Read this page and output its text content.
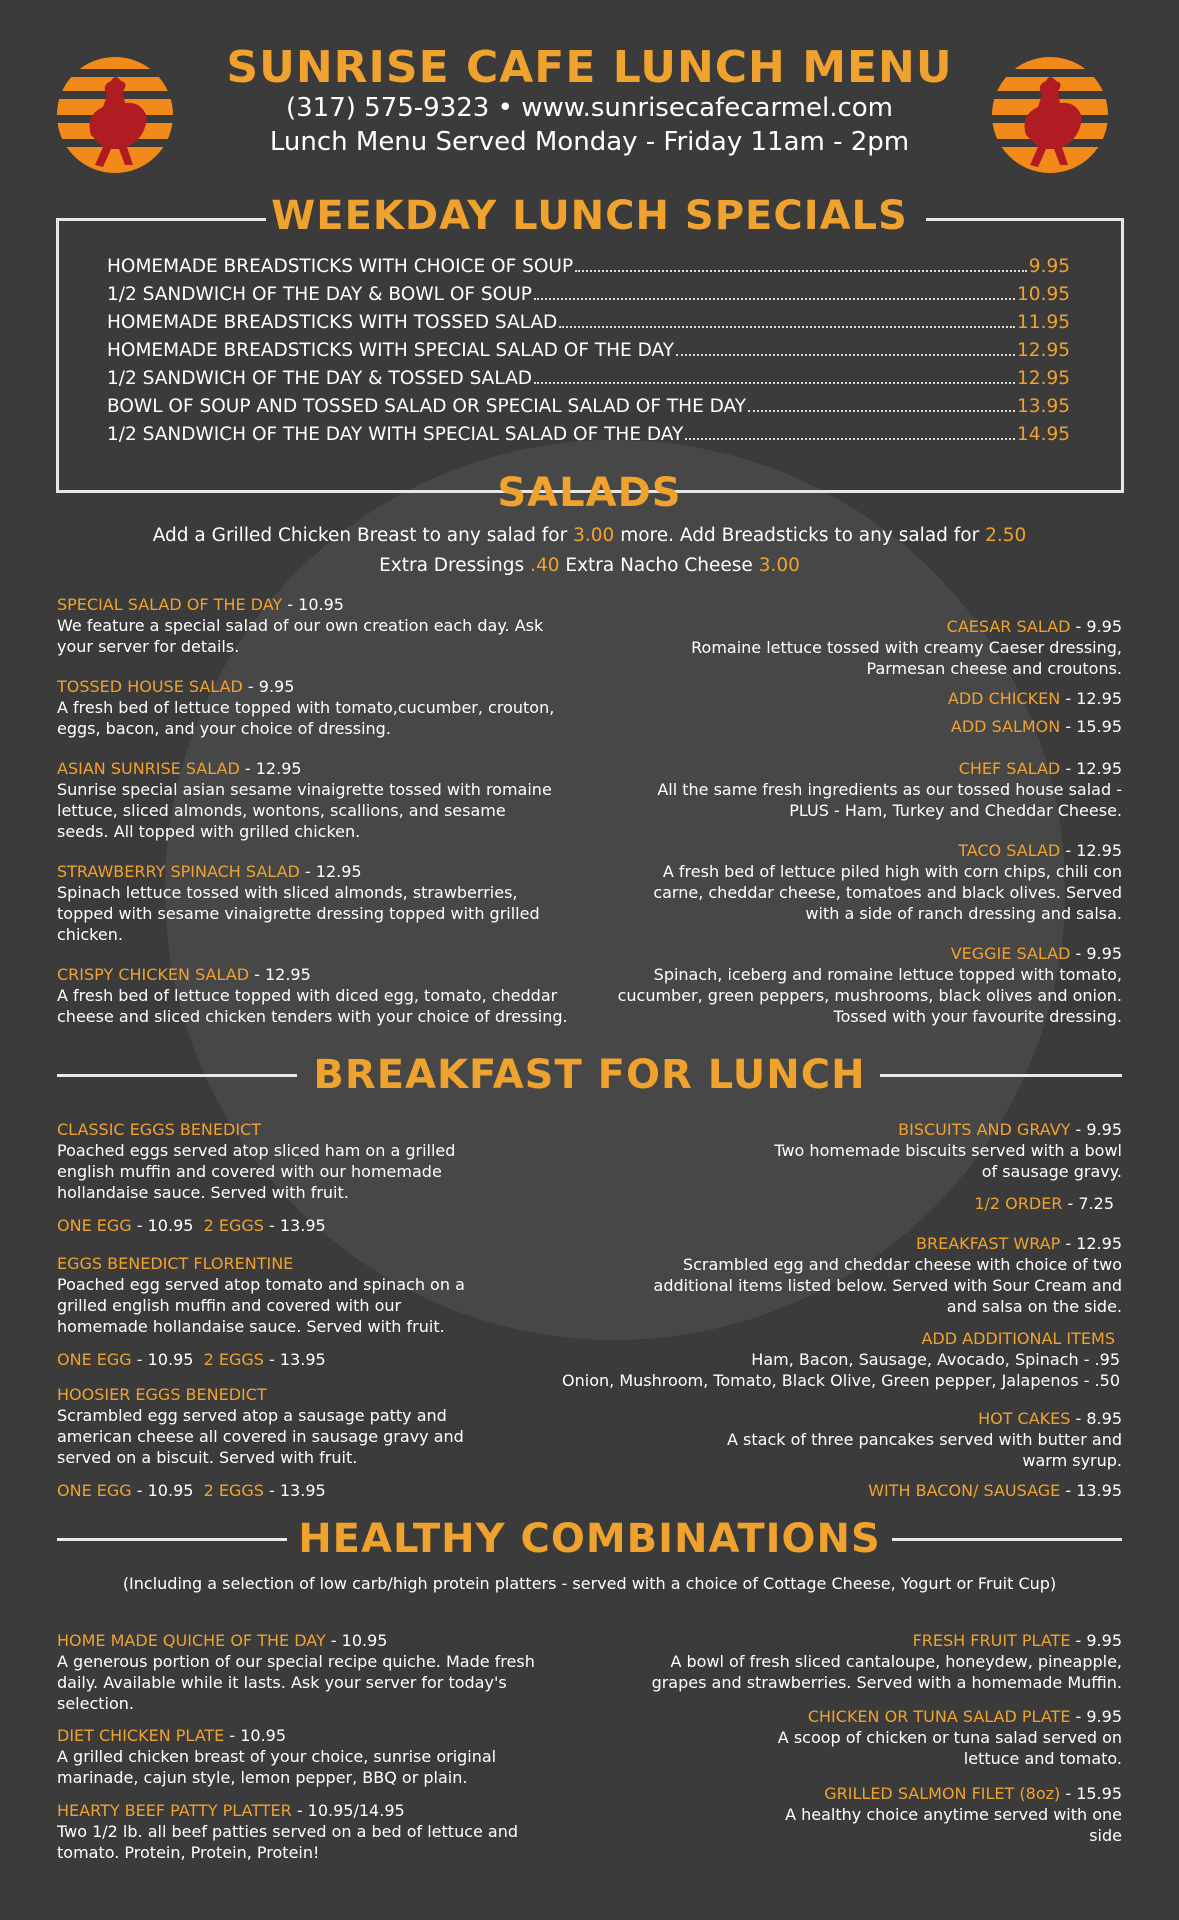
SUNRISE CAFE LUNCH MENU
(317) 575-9323 • www.sunrisecafecarmel.com
Lunch Menu Served Monday - Friday 11am - 2pm
WEEKDAY LUNCH SPECIALS
HOMEMADE BREADSTICKS WITH CHOICE OF SOUP	9.95
1/2 SANDWICH OF THE DAY & BOWL OF SOUP	10.95
HOMEMADE BREADSTICKS WITH TOSSED SALAD	11.95
HOMEMADE BREADSTICKS WITH SPECIAL SALAD OF THE DAY	12.95
1/2 SANDWICH OF THE DAY & TOSSED SALAD	12.95
BOWL OF SOUP AND TOSSED SALAD OR SPECIAL SALAD OF THE DAY	13.95
1/2 SANDWICH OF THE DAY WITH SPECIAL SALAD OF THE DAY	14.95
SALADS
Add a Grilled Chicken Breast to any salad for 3.00 more. Add Breadsticks to any salad for 2.50
Extra Dressings .40 Extra Nacho Cheese 3.00
SPECIAL SALAD OF THE DAY - 10.95
We feature a special salad of our own creation each day. Ask your server for details.
TOSSED HOUSE SALAD - 9.95
A fresh bed of lettuce topped with tomato,cucumber, crouton, eggs, bacon, and your choice of dressing.
ASIAN SUNRISE SALAD - 12.95
Sunrise special asian sesame vinaigrette tossed with romaine lettuce, sliced almonds, wontons, scallions, and sesame seeds. All topped with grilled chicken.
STRAWBERRY SPINACH SALAD - 12.95
Spinach lettuce tossed with sliced almonds, strawberries, topped with sesame vinaigrette dressing topped with grilled chicken.
CRISPY CHICKEN SALAD - 12.95
A fresh bed of lettuce topped with diced egg, tomato, cheddar cheese and sliced chicken tenders with your choice of dressing.
CAESAR SALAD - 9.95
Romaine lettuce tossed with creamy Caeser dressing, Parmesan cheese and croutons.
ADD CHICKEN - 12.95
ADD SALMON - 15.95
CHEF SALAD - 12.95
All the same fresh ingredients as our tossed house salad - PLUS - Ham, Turkey and Cheddar Cheese.
TACO SALAD - 12.95
A fresh bed of lettuce piled high with corn chips, chili con carne, cheddar cheese, tomatoes and black olives. Served with a side of ranch dressing and salsa.
VEGGIE SALAD - 9.95
Spinach, iceberg and romaine lettuce topped with tomato, cucumber, green peppers, mushrooms, black olives and onion. Tossed with your favourite dressing.
BREAKFAST FOR LUNCH
CLASSIC EGGS BENEDICT
Poached eggs served atop sliced ham on a grilled english muffin and covered with our homemade hollandaise sauce. Served with fruit.
ONE EGG - 10.95 2 EGGS - 13.95
EGGS BENEDICT FLORENTINE
Poached egg served atop tomato and spinach on a grilled english muffin and covered with our homemade hollandaise sauce. Served with fruit.
ONE EGG - 10.95 2 EGGS - 13.95
HOOSIER EGGS BENEDICT
Scrambled egg served atop a sausage patty and american cheese all covered in sausage gravy and served on a biscuit. Served with fruit.
ONE EGG - 10.95 2 EGGS - 13.95
BISCUITS AND GRAVY - 9.95
Two homemade biscuits served with a bowl of sausage gravy.
1/2 ORDER - 7.25
BREAKFAST WRAP - 12.95
Scrambled egg and cheddar cheese with choice of two additional items listed below. Served with Sour Cream and and salsa on the side.
ADD ADDITIONAL ITEMS
Ham, Bacon, Sausage, Avocado, Spinach - .95
Onion, Mushroom, Tomato, Black Olive, Green pepper, Jalapenos - .50
HOT CAKES - 8.95
A stack of three pancakes served with butter and warm syrup.
WITH BACON/ SAUSAGE - 13.95
HEALTHY COMBINATIONS
(Including a selection of low carb/high protein platters - served with a choice of Cottage Cheese, Yogurt or Fruit Cup)
HOME MADE QUICHE OF THE DAY - 10.95
A generous portion of our special recipe quiche. Made fresh daily. Available while it lasts. Ask your server for today's selection.
DIET CHICKEN PLATE - 10.95
A grilled chicken breast of your choice, sunrise original marinade, cajun style, lemon pepper, BBQ or plain.
HEARTY BEEF PATTY PLATTER - 10.95/14.95
Two 1/2 lb. all beef patties served on a bed of lettuce and tomato. Protein, Protein, Protein!
FRESH FRUIT PLATE - 9.95
A bowl of fresh sliced cantaloupe, honeydew, pineapple, grapes and strawberries. Served with a homemade Muffin.
CHICKEN OR TUNA SALAD PLATE - 9.95
A scoop of chicken or tuna salad served on lettuce and tomato.
GRILLED SALMON FILET (8oz) - 15.95
A healthy choice anytime served with one side
